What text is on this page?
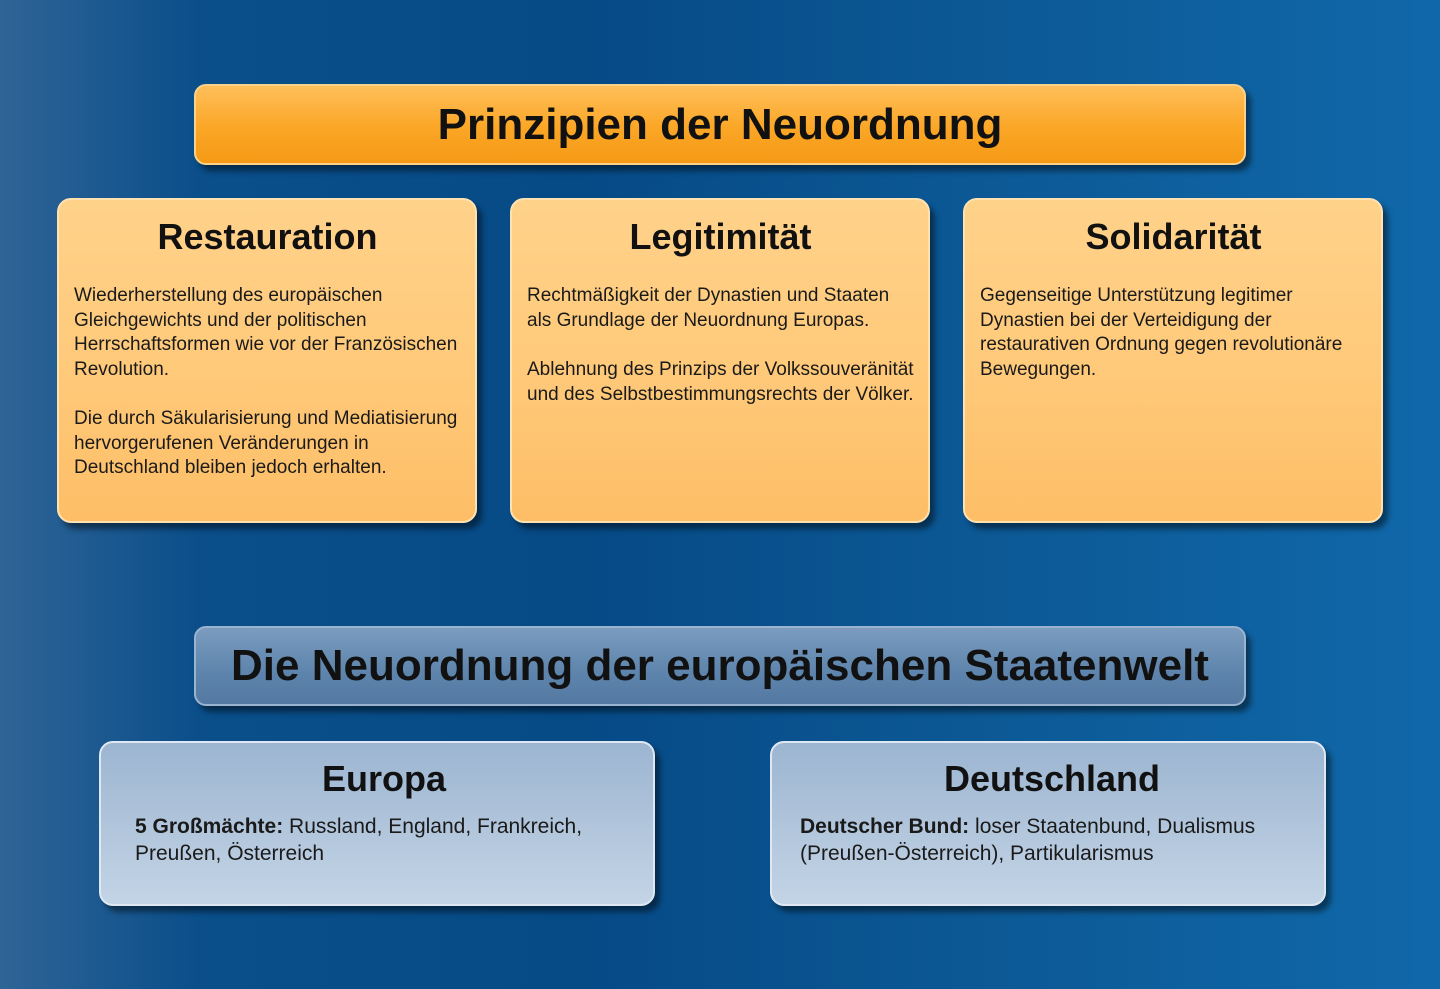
Prinzipien der Neuordnung
Restauration
Wiederherstellung des europäischen Gleichgewichts und der politischen Herrschaftsformen wie vor der Französischen Revolution.
Die durch Säkularisierung und Mediatisierung hervorgerufenen Veränderungen in Deutschland bleiben jedoch erhalten.
Legitimität
Rechtmäßigkeit der Dynastien und Staaten als Grundlage der Neuordnung Europas.
Ablehnung des Prinzips der Volkssouveränität und des Selbstbestimmungsrechts der Völker.
Solidarität
Gegenseitige Unterstützung legitimer Dynastien bei der Verteidigung der restaurativen Ordnung gegen revolutionäre Bewegungen.
Die Neuordnung der europäischen Staatenwelt
Europa
5 Großmächte: Russland, England, Frankreich, Preußen, Österreich
Deutschland
Deutscher Bund: loser Staatenbund, Dualismus (Preußen-Österreich), Partikularismus
